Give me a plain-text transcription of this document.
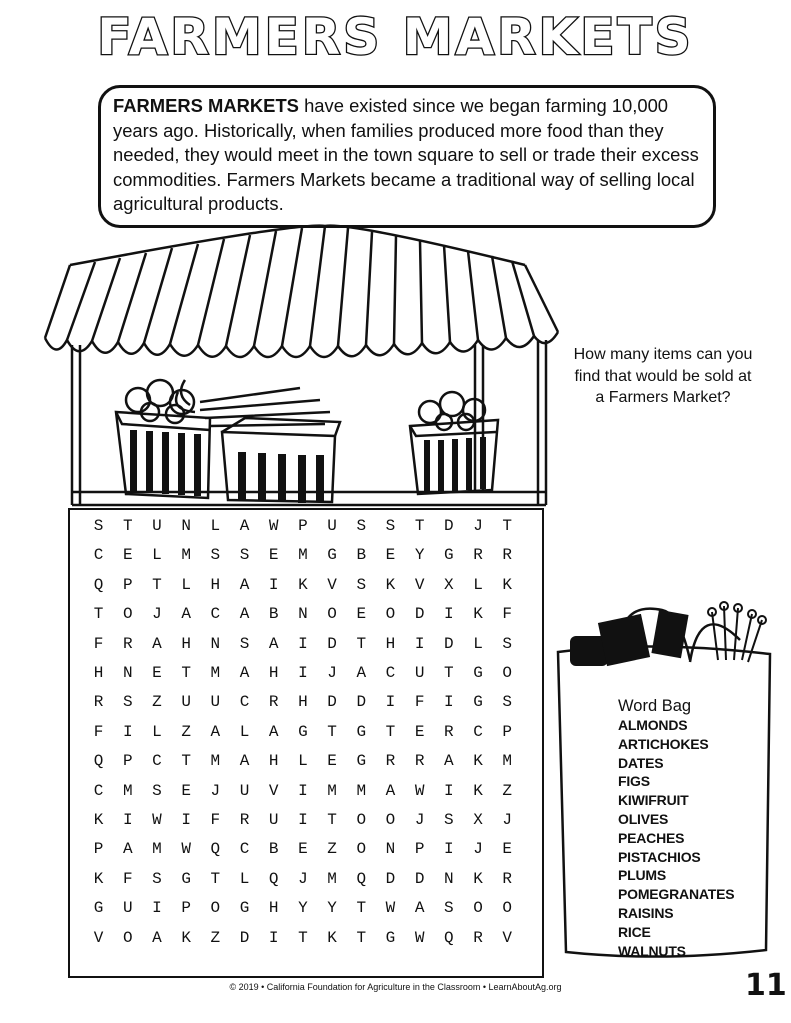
FARMERS MARKETS
FARMERS MARKETS have existed since we began farming 10,000 years ago. Historically, when families produced more food than they needed, they would meet in the town square to sell or trade their excess commodities. Farmers Markets became a traditional way of selling local agricultural products.
How many items can you find that would be sold at a Farmers Market?
S	T	U	N	L	A	W	P	U	S	S	T	D	J	T
C	E	L	M	S	S	E	M	G	B	E	Y	G	R	R
Q	P	T	L	H	A	I	K	V	S	K	V	X	L	K
T	O	J	A	C	A	B	N	O	E	O	D	I	K	F
F	R	A	H	N	S	A	I	D	T	H	I	D	L	S
H	N	E	T	M	A	H	I	J	A	C	U	T	G	O
R	S	Z	U	U	C	R	H	D	D	I	F	I	G	S
F	I	L	Z	A	L	A	G	T	G	T	E	R	C	P
Q	P	C	T	M	A	H	L	E	G	R	R	A	K	M
C	M	S	E	J	U	V	I	M	M	A	W	I	K	Z
K	I	W	I	F	R	U	I	T	O	O	J	S	X	J
P	A	M	W	Q	C	B	E	Z	O	N	P	I	J	E
K	F	S	G	T	L	Q	J	M	Q	D	D	N	K	R
G	U	I	P	O	G	H	Y	Y	T	W	A	S	O	O
V	O	A	K	Z	D	I	T	K	T	G	W	Q	R	V
Word Bag
ALMONDS
ARTICHOKES
DATES
FIGS
KIWIFRUIT
OLIVES
PEACHES
PISTACHIOS
PLUMS
POMEGRANATES
RAISINS
RICE
WALNUTS
© 2019 • California Foundation for Agriculture in the Classroom • LearnAboutAg.org	11
